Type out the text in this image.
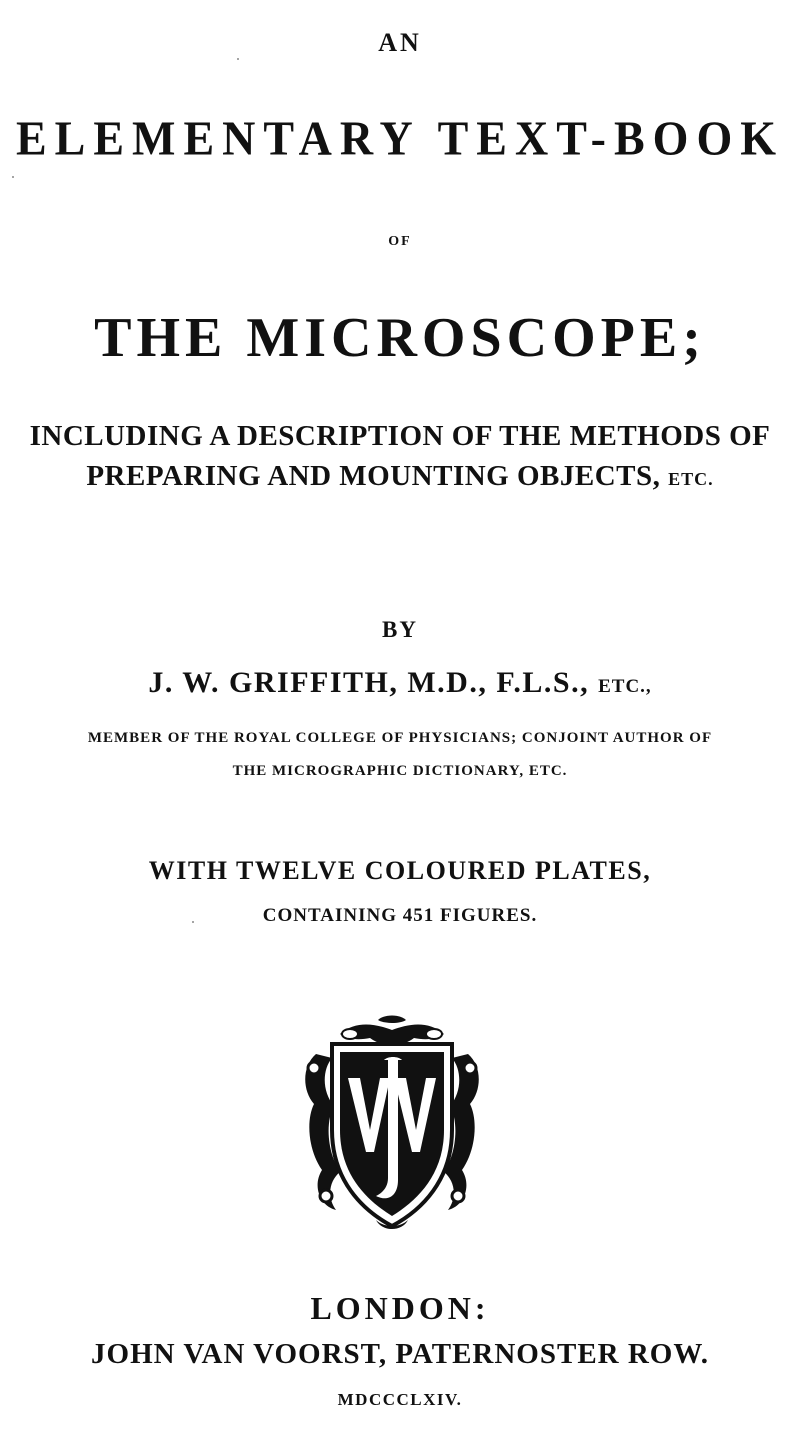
AN
ELEMENTARY TEXT-BOOK
OF
THE MICROSCOPE;
INCLUDING A DESCRIPTION OF THE METHODS OF
PREPARING AND MOUNTING OBJECTS, ETC.
BY
J. W. GRIFFITH, M.D., F.L.S., ETC.,
MEMBER OF THE ROYAL COLLEGE OF PHYSICIANS; CONJOINT AUTHOR OF
THE MICROGRAPHIC DICTIONARY, ETC.
WITH TWELVE COLOURED PLATES,
CONTAINING 451 FIGURES.
LONDON:
JOHN VAN VOORST, PATERNOSTER ROW.
MDCCCLXIV.
